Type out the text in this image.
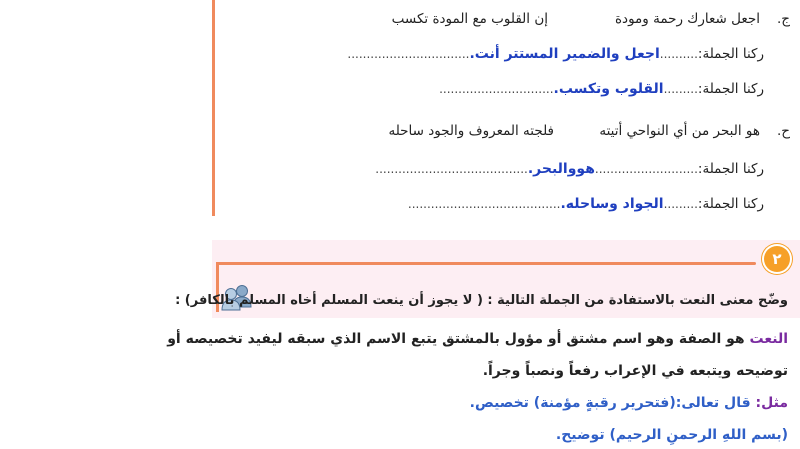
ج.
اجعل شعارك رحمة ومودة
إن القلوب مع المودة تكسب
ركنا الجملة:..........اجعل والضمير المستتر أنت.................................
ركنا الجملة:.........القلوب وتكسب...............................
ح.
هو البحر من أي النواحي أتيته
فلجته المعروف والجود ساحله
ركنا الجملة:...........................هووالبحر.........................................
ركنا الجملة:.........الجواد وساحله.........................................
٢
وضّح معنى النعت بالاستفادة من الجملة التالية : ( لا يجوز أن ينعت المسلم أخاه المسلم بالكافر) :
النعت هو الصفة وهو اسم مشتق أو مؤول بالمشتق يتبع الاسم الذي سبقه ليفيد تخصيصه أو
توضيحه ويتبعه في الإعراب رفعاً ونصباً وجراً.
مثل: قال تعالى:(فتحرير رقبةٍ مؤمنة) تخصيص.
(بسم اللهِ الرحمنِ الرحيم) توضيح.
